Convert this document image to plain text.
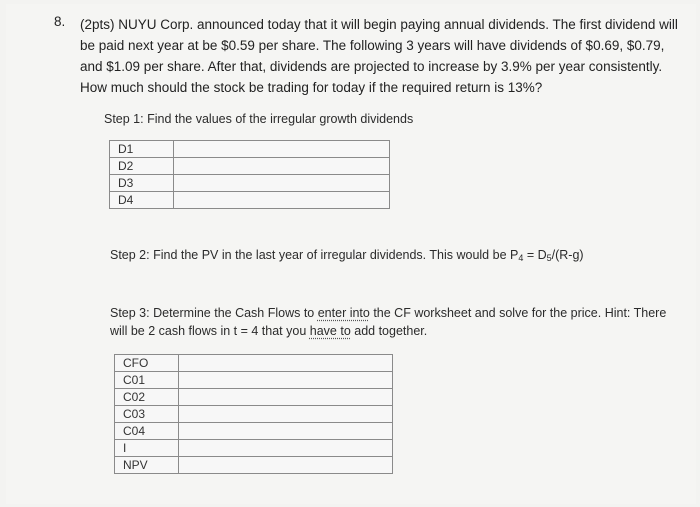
8. (2pts) NUYU Corp. announced today that it will begin paying annual dividends. The first dividend will be paid next year at be $0.59 per share. The following 3 years will have dividends of $0.69, $0.79, and $1.09 per share. After that, dividends are projected to increase by 3.9% per year consistently. How much should the stock be trading for today if the required return is 13%?
Step 1: Find the values of the irregular growth dividends
D1	
D2	
D3	
D4	
Step 2: Find the PV in the last year of irregular dividends. This would be $P_4 = D_5/(R-g)$
Step 3: Determine the Cash Flows to enter into the CF worksheet and solve for the price. Hint: There will be 2 cash flows in t = 4 that you have to add together.
CFO	
C01	
C02	
C03	
C04	
I	
NPV	
